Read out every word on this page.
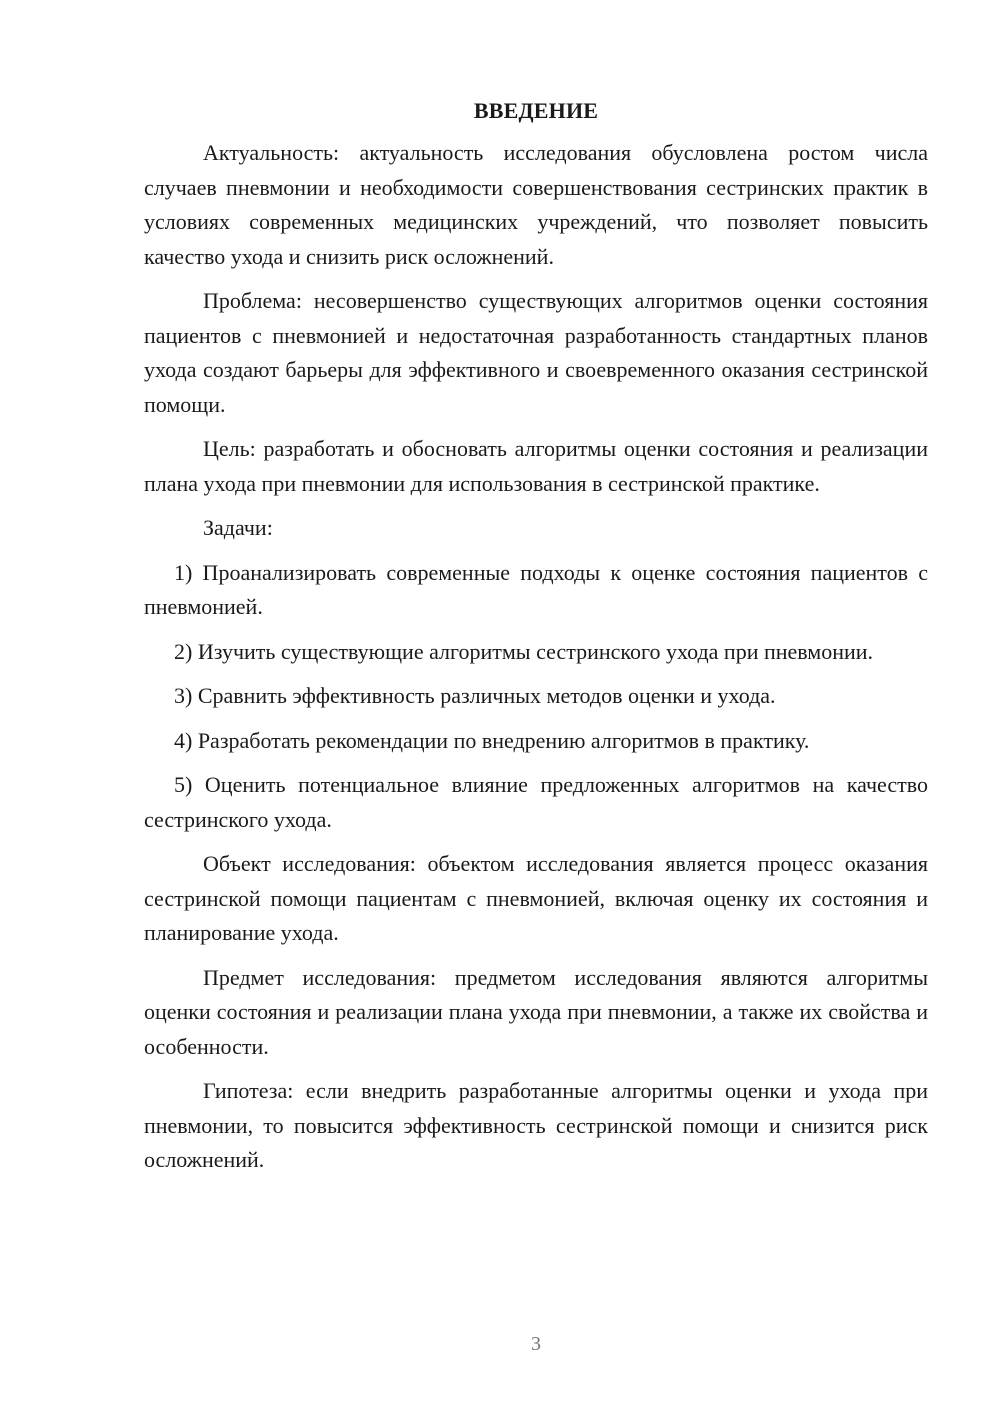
ВВЕДЕНИЕ

Актуальность: актуальность исследования обусловлена ростом числа случаев пневмонии и необходимости совершенствования сестринских практик в условиях современных медицинских учреждений, что позволяет повысить качество ухода и снизить риск осложнений.

Проблема: несовершенство существующих алгоритмов оценки состояния пациентов с пневмонией и недостаточная разработанность стандартных планов ухода создают барьеры для эффективного и своевременного оказания сестринской помощи.

Цель: разработать и обосновать алгоритмы оценки состояния и реализации плана ухода при пневмонии для использования в сестринской практике.

Задачи:

1) Проанализировать современные подходы к оценке состояния пациентов с пневмонией.

2) Изучить существующие алгоритмы сестринского ухода при пневмонии.

3) Сравнить эффективность различных методов оценки и ухода.

4) Разработать рекомендации по внедрению алгоритмов в практику.

5) Оценить потенциальное влияние предложенных алгоритмов на качество сестринского ухода.

Объект исследования: объектом исследования является процесс оказания сестринской помощи пациентам с пневмонией, включая оценку их состояния и планирование ухода.

Предмет исследования: предметом исследования являются алгоритмы оценки состояния и реализации плана ухода при пневмонии, а также их свойства и особенности.

Гипотеза: если внедрить разработанные алгоритмы оценки и ухода при пневмонии, то повысится эффективность сестринской помощи и снизится риск осложнений.

3
